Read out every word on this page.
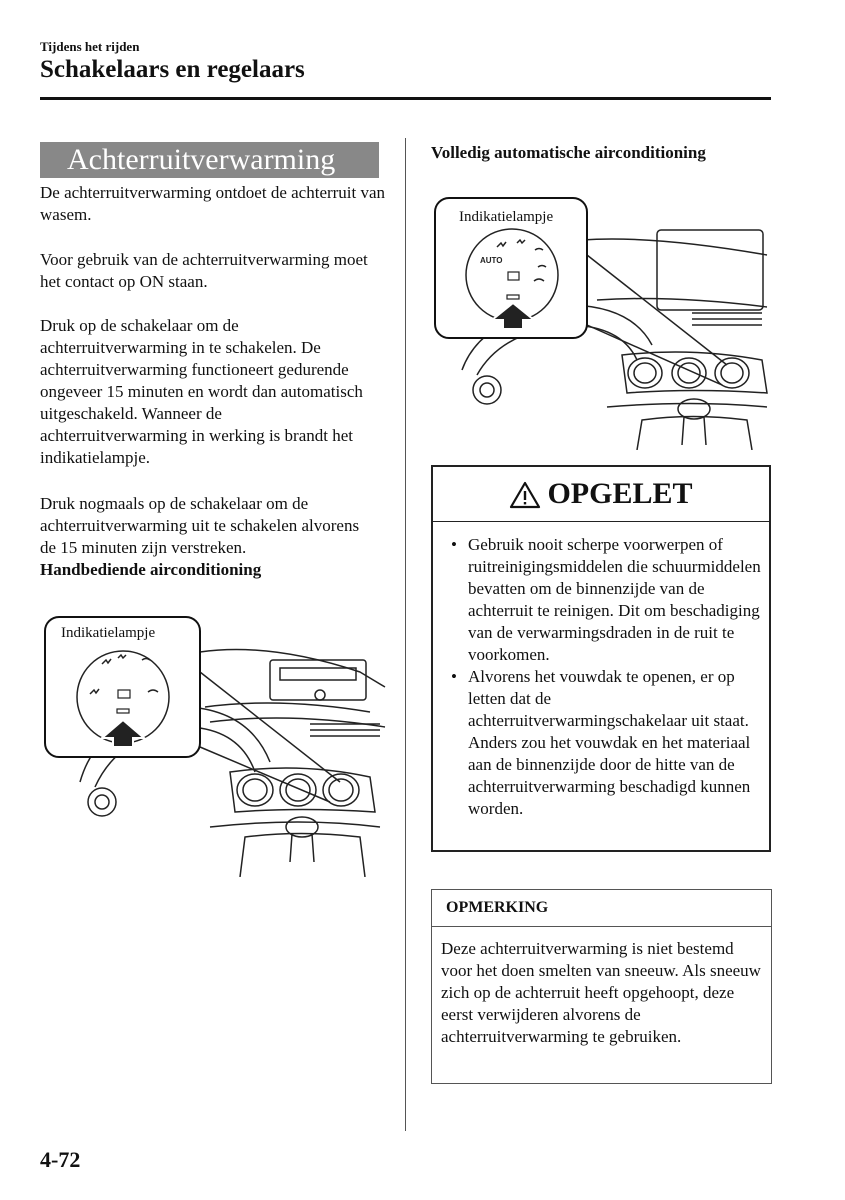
Tijdens het rijden
Schakelaars en regelaars
Achterruitverwarming
De achterruitverwarming ontdoet de achterruit van wasem.
Voor gebruik van de achterruitverwarming moet het contact op ON staan.
Druk op de schakelaar om de achterruitverwarming in te schakelen. De achterruitverwarming functioneert gedurende ongeveer 15 minuten en wordt dan automatisch uitgeschakeld. Wanneer de achterruitverwarming in werking is brandt het indikatielampje.
Druk nogmaals op de schakelaar om de achterruitverwarming uit te schakelen alvorens de 15 minuten zijn verstreken.
Handbediende airconditioning
Indikatielampje
Volledig automatische airconditioning
AUTO
Indikatielampje
OPGELET
• Gebruik nooit scherpe voorwerpen of ruitreinigingsmiddelen die schuurmiddelen bevatten om de binnenzijde van de achterruit te reinigen. Dit om beschadiging van de verwarmingsdraden in de ruit te voorkomen.
• Alvorens het vouwdak te openen, er op letten dat de achterruitverwarmingschakelaar uit staat. Anders zou het vouwdak en het materiaal aan de binnenzijde door de hitte van de achterruitverwarming beschadigd kunnen worden.
OPMERKING
Deze achterruitverwarming is niet bestemd voor het doen smelten van sneeuw. Als sneeuw zich op de achterruit heeft opgehoopt, deze eerst verwijderen alvorens de achterruitverwarming te gebruiken.
4-72
